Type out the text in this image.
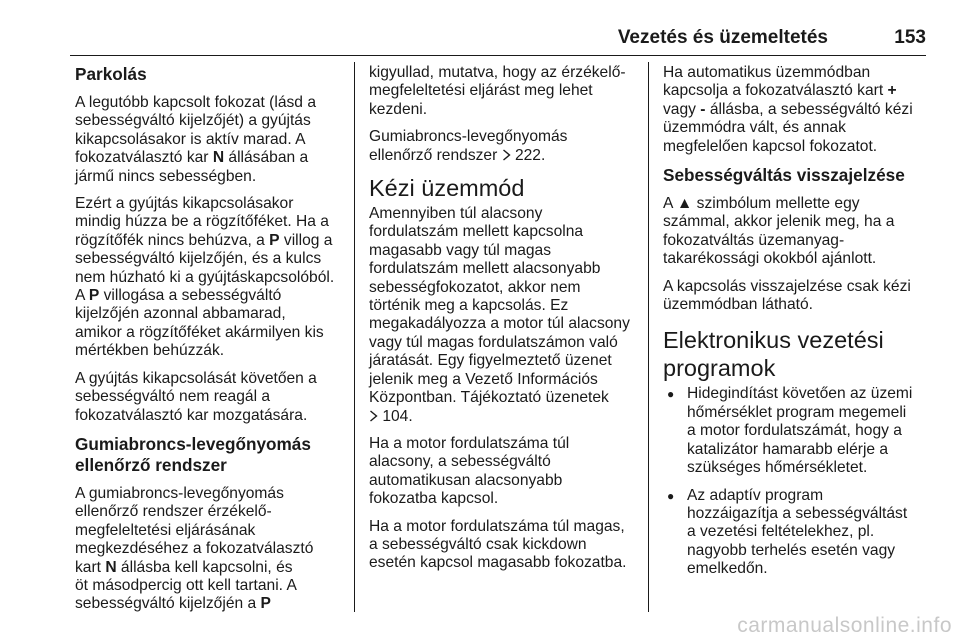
Vezetés és üzemeltetés	153
Parkolás

A legutóbb kapcsolt fokozat (lásd a
sebességváltó kijelzőjét) a gyújtás
kikapcsolásakor is aktív marad. A
fokozatválasztó kar N állásában a
jármű nincs sebességben.

Ezért a gyújtás kikapcsolásakor
mindig húzza be a rögzítőféket. Ha a
rögzítőfék nincs behúzva, a P villog a
sebességváltó kijelzőjén, és a kulcs
nem húzható ki a gyújtáskapcsolóból.
A P villogása a sebességváltó
kijelzőjén azonnal abbamarad,
amikor a rögzítőféket akármilyen kis
mértékben behúzzák.

A gyújtás kikapcsolását követően a
sebességváltó nem reagál a
fokozatválasztó kar mozgatására.

Gumiabroncs-levegőnyomás
ellenőrző rendszer

A gumiabroncs-levegőnyomás
ellenőrző rendszer érzékelő-
megfeleltetési eljárásának
megkezdéséhez a fokozatválasztó
kart N állásba kell kapcsolni, és
öt másodpercig ott kell tartani. A
sebességváltó kijelzőjén a P

kigyullad, mutatva, hogy az érzékelő-
megfeleltetési eljárást meg lehet
kezdeni.

Gumiabroncs-levegőnyomás
ellenőrző rendszer  222.

Kézi üzemmód

Amennyiben túl alacsony
fordulatszám mellett kapcsolna
magasabb vagy túl magas
fordulatszám mellett alacsonyabb
sebességfokozatot, akkor nem
történik meg a kapcsolás. Ez
megakadályozza a motor túl alacsony
vagy túl magas fordulatszámon való
járatását. Egy figyelmeztető üzenet
jelenik meg a Vezető Információs
Központban. Tájékoztató üzenetek
104.

Ha a motor fordulatszáma túl
alacsony, a sebességváltó
automatikusan alacsonyabb
fokozatba kapcsol.

Ha a motor fordulatszáma túl magas,
a sebességváltó csak kickdown
esetén kapcsol magasabb fokozatba.

Ha automatikus üzemmódban
kapcsolja a fokozatválasztó kart +
vagy - állásba, a sebességváltó kézi
üzemmódra vált, és annak
megfelelően kapcsol fokozatot.

Sebességváltás visszajelzése

A ▲ szimbólum mellette egy
számmal, akkor jelenik meg, ha a
fokozatváltás üzemanyag-
takarékossági okokból ajánlott.

A kapcsolás visszajelzése csak kézi
üzemmódban látható.

Elektronikus vezetési
programok
● Hidegindítást követően az üzemi
hőmérséklet program megemeli
a motor fordulatszámát, hogy a
katalizátor hamarabb elérje a
szükséges hőmérsékletet.
● Az adaptív program
hozzáigazítja a sebességváltást
a vezetési feltételekhez, pl.
nagyobb terhelés esetén vagy
emelkedőn.
carmanualsonline.info
